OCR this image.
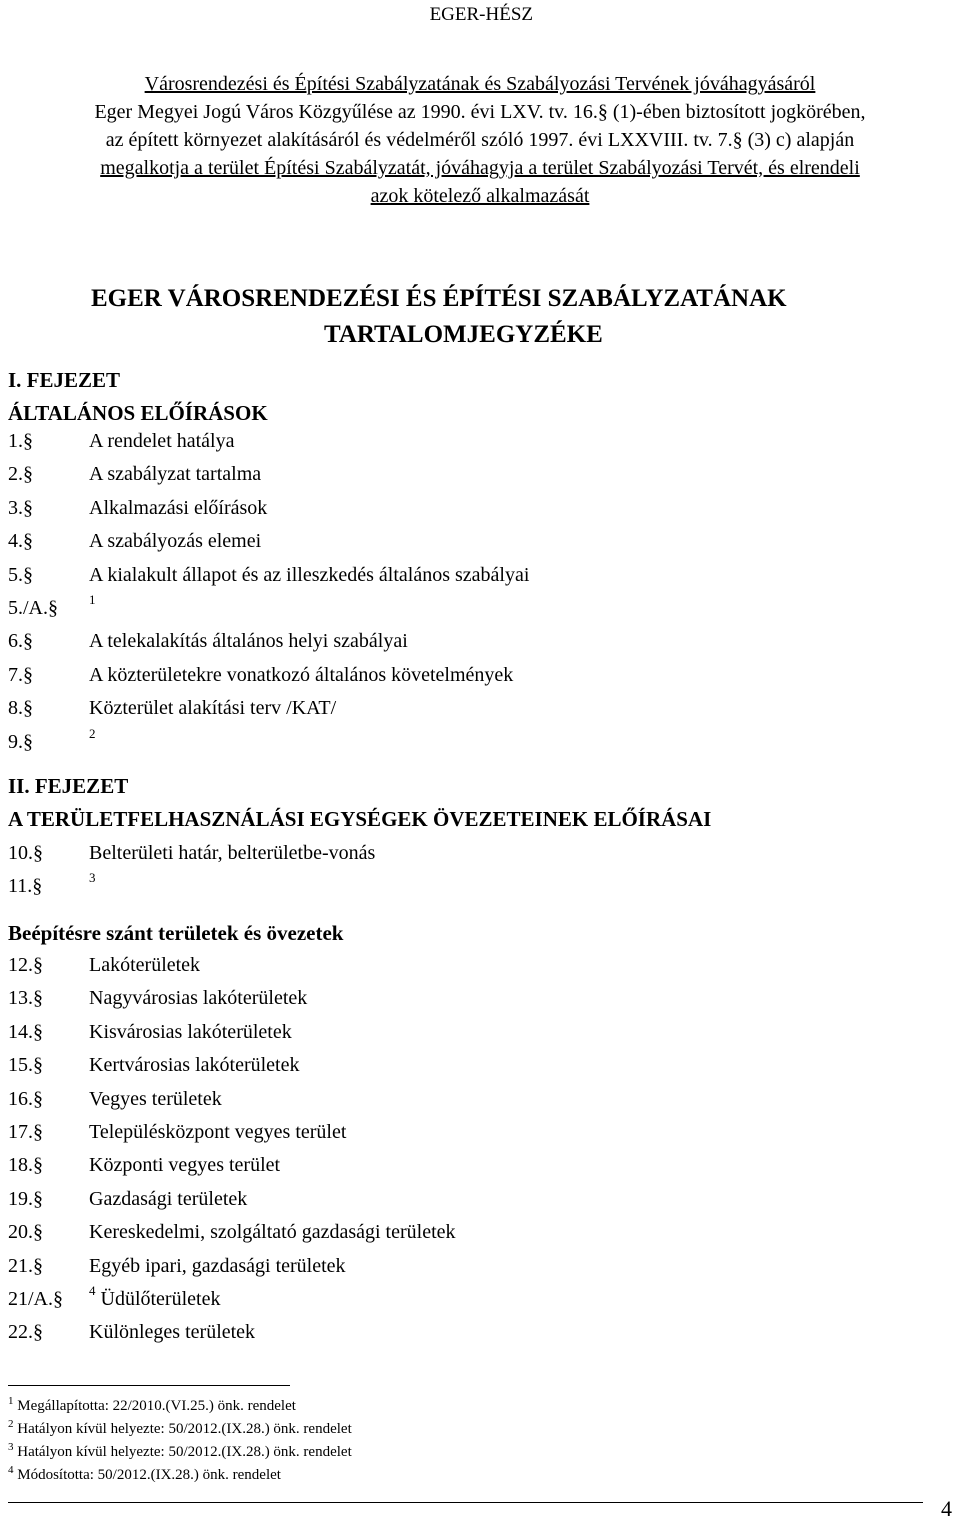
EGER-HÉSZ
Városrendezési és Építési Szabályzatának és Szabályozási Tervének jóváhagyásáról
Eger Megyei Jogú Város Közgyűlése az 1990. évi LXV. tv. 16.§ (1)-ében biztosított jogkörében,
az épített környezet alakításáról és védelméről szóló 1997. évi LXXVIII. tv. 7.§ (3) c) alapján
megalkotja a terület Építési Szabályzatát, jóváhagyja a terület Szabályozási Tervét, és elrendeli
azok kötelező alkalmazását
EGER VÁROSRENDEZÉSI ÉS ÉPÍTÉSI SZABÁLYZATÁNAK
TARTALOMJEGYZÉKE
I. FEJEZET
ÁLTALÁNOS ELŐÍRÁSOK
1.§	A rendelet hatálya
2.§	A szabályzat tartalma
3.§	Alkalmazási előírások
4.§	A szabályozás elemei
5.§	A kialakult állapot és az illeszkedés általános szabályai
5./A.§ $^1$
6.§	A telekalakítás általános helyi szabályai
7.§	A közterületekre vonatkozó általános követelmények
8.§	Közterület alakítási terv /KAT/
9.§	$^2$
II. FEJEZET
A TERÜLETFELHASZNÁLÁSI EGYSÉGEK ÖVEZETEINEK ELŐÍRÁSAI
10.§ Belterületi határ, belterületbe-vonás
11.§	$^3$
Beépítésre szánt területek és övezetek
12.§ Lakóterületek
13.§ Nagyvárosias lakóterületek
14.§ Kisvárosias lakóterületek
15.§ Kertvárosias lakóterületek
16.§ Vegyes területek
17.§ Településközpont vegyes terület
18.§ Központi vegyes terület
19.§ Gazdasági területek
20.§ Kereskedelmi, szolgáltató gazdasági területek
21.§ Egyéb ipari, gazdasági területek
21/A.§ $^4$ Üdülőterületek
22.§ Különleges területek
$^1$ Megállapította: 22/2010.(VI.25.) önk. rendelet
$^2$ Hatályon kívül helyezte: 50/2012.(IX.28.) önk. rendelet
$^3$ Hatályon kívül helyezte: 50/2012.(IX.28.) önk. rendelet
$^4$ Módosította: 50/2012.(IX.28.) önk. rendelet
4
